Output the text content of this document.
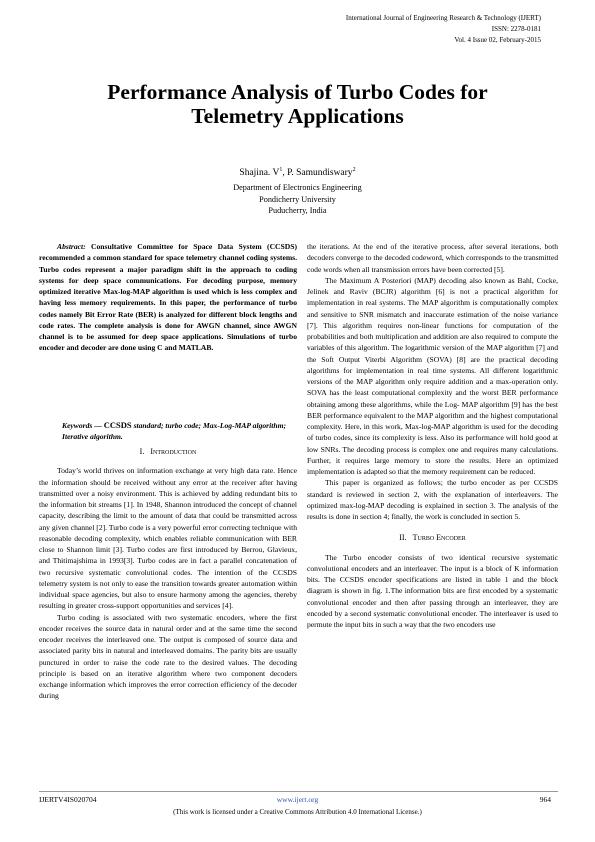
International Journal of Engineering Research & Technology (IJERT)
ISSN: 2278-0181
Vol. 4 Issue 02, February-2015
Performance Analysis of Turbo Codes for
Telemetry Applications
Shajina. $V^1$, P. Samundiswary$^2$
Department of Electronics Engineering
Pondicherry University
Puducherry, India

Abstract: Consultative Committee for Space Data System (CCSDS) recommended a common standard for space telemetry channel coding systems. Turbo codes represent a major paradigm shift in the approach to coding systems for deep space communications. For decoding purpose, memory optimized iterative Max-log-MAP algorithm is used which is less complex and having less memory requirements. In this paper, the performance of turbo codes namely Bit Error Rate (BER) is analyzed for different block lengths and code rates. The complete analysis is done for AWGN channel, since AWGN channel is to be assumed for deep space applications. Simulations of turbo encoder and decoder are done using C and MATLAB.

Keywords — CCSDS standard; turbo code; Max-Log-MAP algorithm; Iterative algorithm.
I. Introduction

Today’s world thrives on information exchange at very high data rate. Hence the information should be received without any error at the receiver after having transmitted over a noisy environment. This is achieved by adding redundant bits to the information bit streams [1]. In 1948, Shannon introduced the concept of channel capacity, describing the limit to the amount of data that could be transmitted across any given channel [2]. Turbo code is a very powerful error correcting technique with reasonable decoding complexity, which enables reliable communication with BER close to Shannon limit [3]. Turbo codes are first introduced by Berrou, Glavieux, and Thitimajshima in 1993[3]. Turbo codes are in fact a parallel concatenation of two recursive systematic convolutional codes. The intention of the CCSDS telemetry system is not only to ease the transition towards greater automation within individual space agencies, but also to ensure harmony among the agencies, thereby resulting in greater cross-support opportunities and services [4].

Turbo coding is associated with two systematic encoders, where the first encoder receives the source data in natural order and at the same time the second encoder receives the interleaved one. The output is composed of source data and associated parity bits in natural and interleaved domains. The parity bits are usually punctured in order to raise the code rate to the desired values. The decoding principle is based on an iterative algorithm where two component decoders exchange information which improves the error correction efficiency of the decoder during

the iterations. At the end of the iterative process, after several iterations, both decoders converge to the decoded codeword, which corresponds to the transmitted code words when all transmission errors have been corrected [5].

The Maximum A Posteriori (MAP) decoding also known as Bahl, Cocke, Jelinek and Raviv (BCJR) algorithm [6] is not a practical algorithm for implementation in real systems. The MAP algorithm is computationally complex and sensitive to SNR mismatch and inaccurate estimation of the noise variance [7]. This algorithm requires non-linear functions for computation of the probabilities and both multiplication and addition are also required to compute the variables of this algorithm. The logarithmic version of the MAP algorithm [7] and the Soft Output Viterbi Algorithm (SOVA) [8] are the practical decoding algorithms for implementation in real time systems. All different logarithmic versions of the MAP algorithm only require addition and a max-operation only. SOVA has the least computational complexity and the worst BER performance obtaining among these algorithms, while the Log- MAP algorithm [9] has the best BER performance equivalent to the MAP algorithm and the highest computational complexity. Here, in this work, Max-log-MAP algorithm is used for the decoding of turbo codes, since its complexity is less. Also its performance will hold good at low SNRs. The decoding process is complex one and requires many calculations. Further, it requires large memory to store the results. Here an optimized implementation is adapted so that the memory requirement can be reduced.

This paper is organized as follows; the turbo encoder as per CCSDS standard is reviewed in section 2, with the explanation of interleavers. The optimized max-log-MAP decoding is explained in section 3. The analysis of the results is done in section 4; finally, the work is concluded in section 5.

II. Turbo Encoder

The Turbo encoder consists of two identical recursive systematic convolutional encoders and an interleaver. The input is a block of K information bits. The CCSDS encoder specifications are listed in table 1 and the block diagram is shown in fig. 1.The information bits are first encoded by a systematic convolutional encoder and then after passing through an interleaver, they are encoded by a second systematic convolutional encoder. The interleaver is used to permute the input bits in such a way that the two encoders use

IJERTV4IS020704	www.ijert.org	964
(This work is licensed under a Creative Commons Attribution 4.0 International License.)
